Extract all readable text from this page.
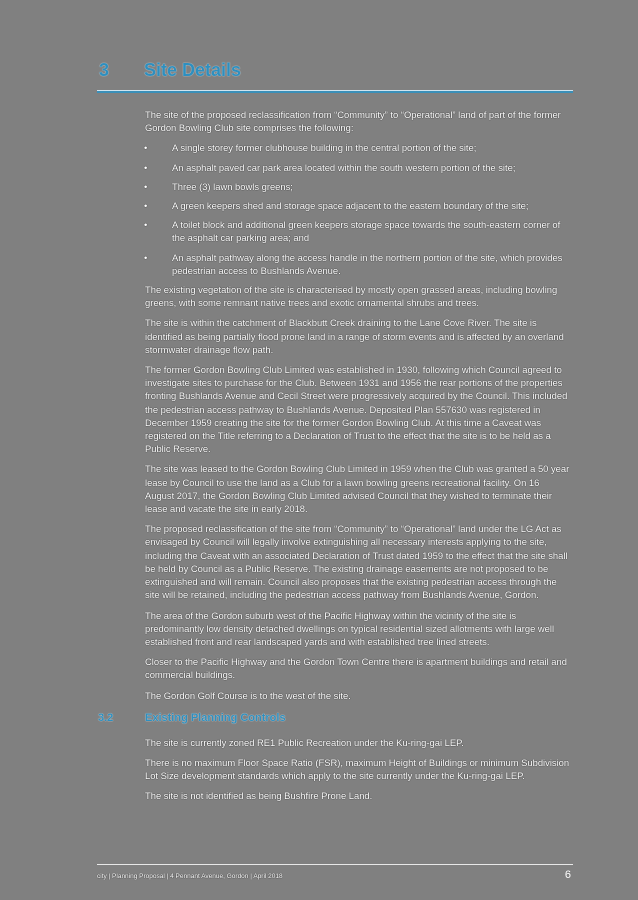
3 Site Details

The site of the proposed reclassification from “Community” to “Operational” land of part of the former Gordon Bowling Club site comprises the following:

•	A single storey former clubhouse building in the central portion of the site;
•	An asphalt paved car park area located within the south western portion of the site;
•	Three (3) lawn bowls greens;
•	A green keepers shed and storage space adjacent to the eastern boundary of the site;
•	A toilet block and additional green keepers storage space towards the south-eastern corner of the asphalt car parking area; and
•	An asphalt pathway along the access handle in the northern portion of the site, which provides pedestrian access to Bushlands Avenue.

The existing vegetation of the site is characterised by mostly open grassed areas, including bowling greens, with some remnant native trees and exotic ornamental shrubs and trees.

The site is within the catchment of Blackbutt Creek draining to the Lane Cove River. The site is identified as being partially flood prone land in a range of storm events and is affected by an overland stormwater drainage flow path.

The former Gordon Bowling Club Limited was established in 1930, following which Council agreed to investigate sites to purchase for the Club. Between 1931 and 1956 the rear portions of the properties fronting Bushlands Avenue and Cecil Street were progressively acquired by the Council. This included the pedestrian access pathway to Bushlands Avenue. Deposited Plan 557630 was registered in December 1959 creating the site for the former Gordon Bowling Club. At this time a Caveat was registered on the Title referring to a Declaration of Trust to the effect that the site is to be held as a Public Reserve.

The site was leased to the Gordon Bowling Club Limited in 1959 when the Club was granted a 50 year lease by Council to use the land as a Club for a lawn bowling greens recreational facility. On 16 August 2017, the Gordon Bowling Club Limited advised Council that they wished to terminate their lease and vacate the site in early 2018.

The proposed reclassification of the site from “Community” to “Operational” land under the LG Act as envisaged by Council will legally involve extinguishing all necessary interests applying to the site, including the Caveat with an associated Declaration of Trust dated 1959 to the effect that the site shall be held by Council as a Public Reserve. The existing drainage easements are not proposed to be extinguished and will remain. Council also proposes that the existing pedestrian access through the site will be retained, including the pedestrian access pathway from Bushlands Avenue, Gordon.

The area of the Gordon suburb west of the Pacific Highway within the vicinity of the site is predominantly low density detached dwellings on typical residential sized allotments with large well established front and rear landscaped yards and with established tree lined streets.

Closer to the Pacific Highway and the Gordon Town Centre there is apartment buildings and retail and commercial buildings.

The Gordon Golf Course is to the west of the site.

3.2	Existing Planning Controls

The site is currently zoned RE1 Public Recreation under the Ku-ring-gai LEP.

There is no maximum Floor Space Ratio (FSR), maximum Height of Buildings or minimum Subdivision Lot Size development standards which apply to the site currently under the Ku-ring-gai LEP.

The site is not identified as being Bushfire Prone Land.

city | Planning Proposal | 4 Pennant Avenue, Gordon | April 2018	6
